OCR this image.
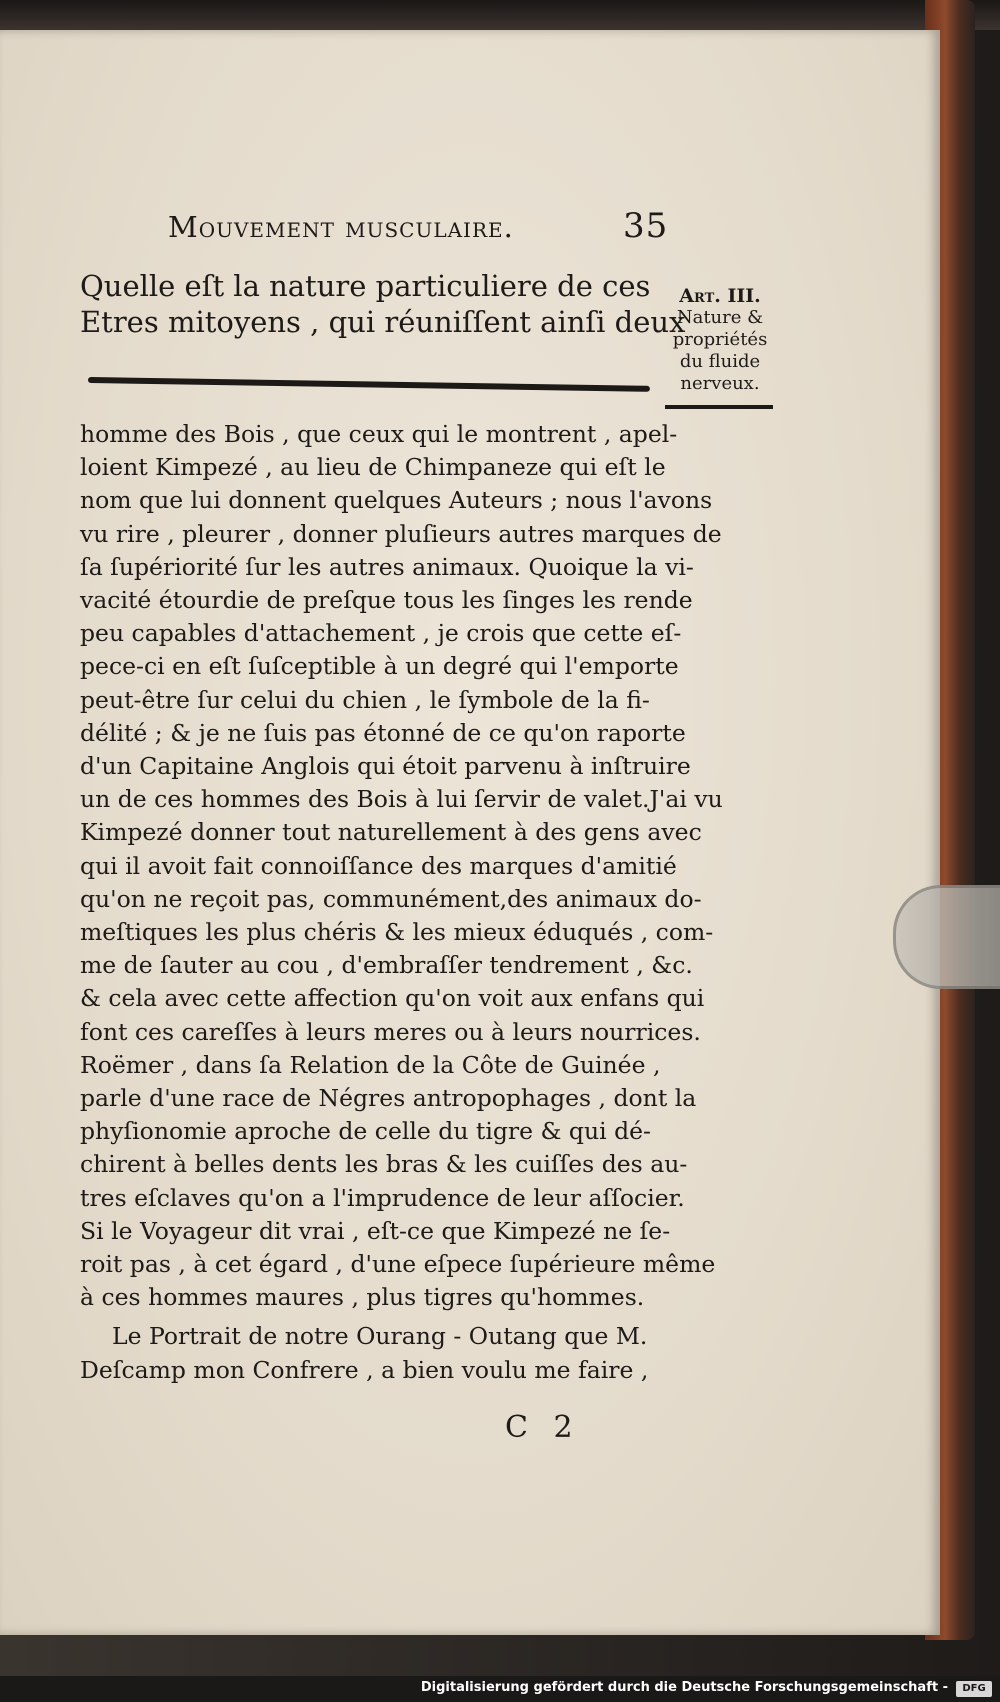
Mouvement musculaire.	35
Quelle eſt la nature particuliere de ces
Etres mitoyens , qui réuniſſent ainſi deux
Art. III.
Nature &
propriétés
du fluide
nerveux.
homme des Bois , que ceux qui le montrent , apel-
loient Kimpezé , au lieu de Chimpaneze qui eſt le
nom que lui donnent quelques Auteurs ; nous l'avons
vu rire , pleurer , donner pluſieurs autres marques de
ſa ſupériorité ſur les autres animaux. Quoique la vi-
vacité étourdie de preſque tous les ſinges les rende
peu capables d'attachement , je crois que cette eſ-
pece-ci en eſt ſuſceptible à un degré qui l'emporte
peut-être ſur celui du chien , le ſymbole de la fi-
délité ; & je ne ſuis pas étonné de ce qu'on raporte
d'un Capitaine Anglois qui étoit parvenu à inſtruire
un de ces hommes des Bois à lui ſervir de valet.J'ai vu
Kimpezé donner tout naturellement à des gens avec
qui il avoit fait connoiſſance des marques d'amitié
qu'on ne reçoit pas, communément,des animaux do-
meſtiques les plus chéris & les mieux éduqués , com-
me de ſauter au cou , d'embraſſer tendrement , &c.
& cela avec cette affection qu'on voit aux enfans qui
font ces careſſes à leurs meres ou à leurs nourrices.
Roëmer , dans ſa Relation de la Côte de Guinée ,
parle d'une race de Négres antropophages , dont la
phyſionomie aproche de celle du tigre & qui dé-
chirent à belles dents les bras & les cuiſſes des au-
tres eſclaves qu'on a l'imprudence de leur aſſocier.
Si le Voyageur dit vrai , eſt-ce que Kimpezé ne ſe-
roit pas , à cet égard , d'une eſpece ſupérieure même
à ces hommes maures , plus tigres qu'hommes.
Le Portrait de notre Ourang - Outang que M.
Deſcamp mon Confrere , a bien voulu me faire ,
C 2
Digitalisierung gefördert durch die Deutsche Forschungsgemeinschaft -	DFG
